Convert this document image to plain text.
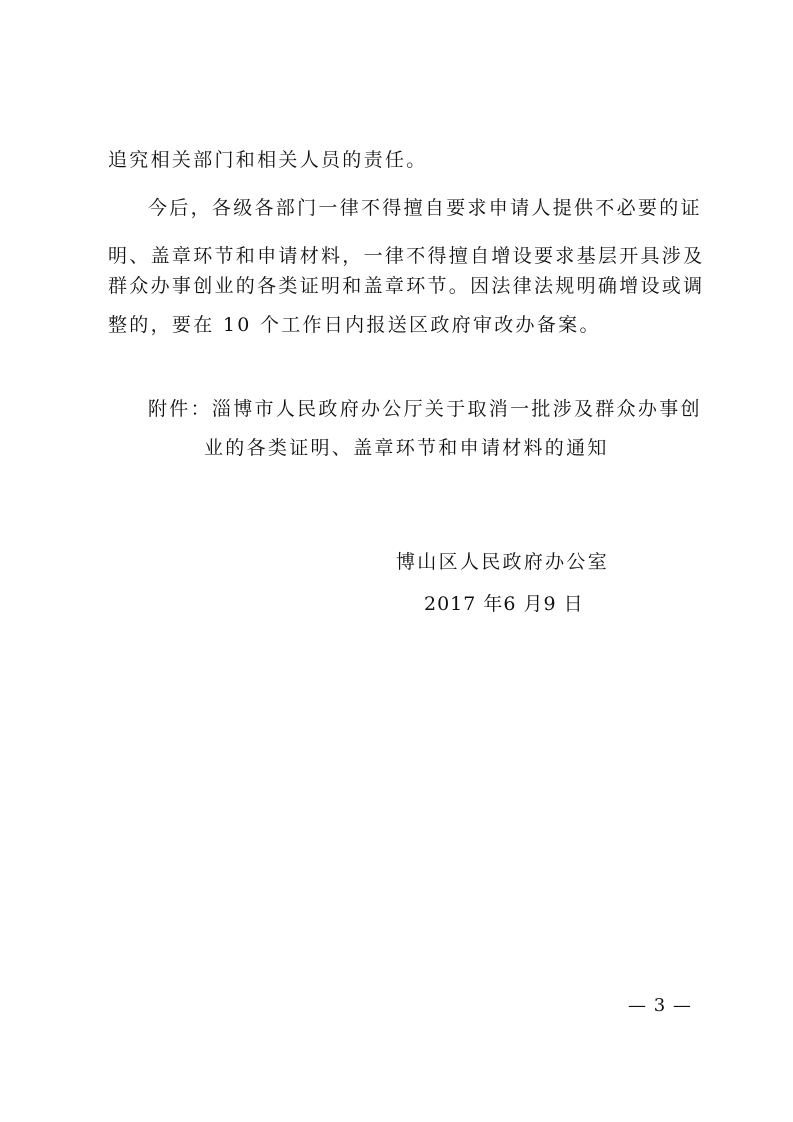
追究相关部门和相关人员的责任。
今后，各级各部门一律不得擅自要求申请人提供不必要的证
明、盖章环节和申请材料，一律不得擅自增设要求基层开具涉及
群众办事创业的各类证明和盖章环节。因法律法规明确增设或调
整的，要在 10 个工作日内报送区政府审改办备案。
附件：淄博市人民政府办公厅关于取消一批涉及群众办事创
业的各类证明、盖章环节和申请材料的通知
博山区人民政府办公室
2017 年6 月9 日
— 3 —
